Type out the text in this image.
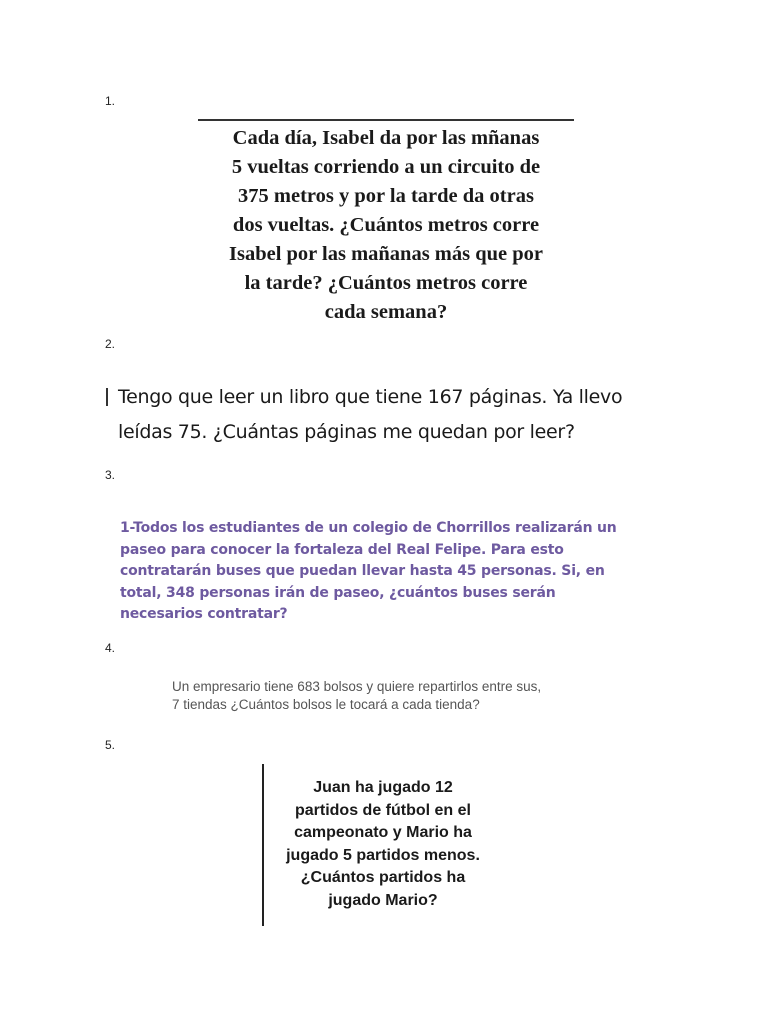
1.
Cada día, Isabel da por las mñanas
5 vueltas corriendo a un circuito de
375 metros y por la tarde da otras
dos vueltas. ¿Cuántos metros corre
Isabel por las mañanas más que por
la tarde? ¿Cuántos metros corre
cada semana?
2.
Tengo que leer un libro que tiene 167 páginas. Ya llevo
leídas 75. ¿Cuántas páginas me quedan por leer?
3.
1-Todos los estudiantes de un colegio de Chorrillos realizarán un
paseo para conocer la fortaleza del Real Felipe. Para esto
contratarán buses que puedan llevar hasta 45 personas. Si, en
total, 348 personas irán de paseo, ¿cuántos buses serán
necesarios contratar?
4.
Un empresario tiene 683 bolsos y quiere repartirlos entre sus,
7 tiendas ¿Cuántos bolsos le tocará a cada tienda?
5.
Juan ha jugado 12
partidos de fútbol en el
campeonato y Mario ha
jugado 5 partidos menos.
¿Cuántos partidos ha
jugado Mario?
